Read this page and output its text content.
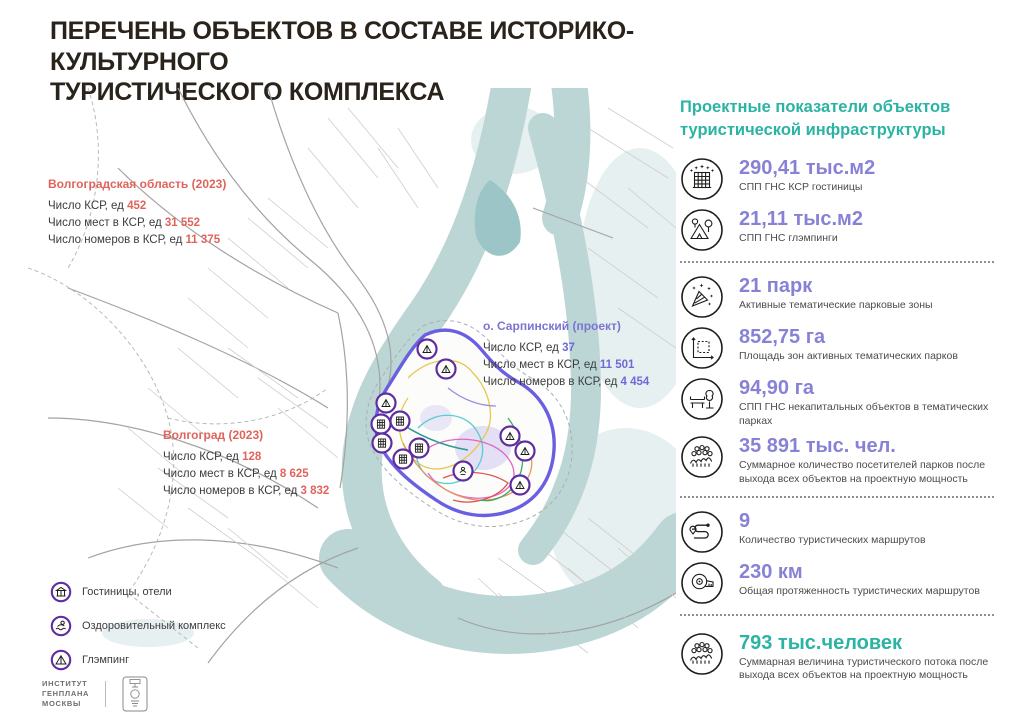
ПЕРЕЧЕНЬ ОБЪЕКТОВ В СОСТАВЕ ИСТОРИКО-КУЛЬТУРНОГО
ТУРИСТИЧЕСКОГО КОМПЛЕКСА
Волгоградская область (2023)
Число КСР, ед 452
Число мест в КСР, ед 31 552
Число номеров в КСР, ед 11 375
Волгоград (2023)
Число КСР, ед 128
Число мест в КСР, ед 8 625
Число номеров в КСР, ед 3 832
о. Сарпинский (проект)
Число КСР, ед 37
Число мест в КСР, ед 11 501
Число номеров в КСР, ед 4 454
Гостиницы, отели
Оздоровительный комплекс
Глэмпинг
Проектные показатели объектов туристической инфраструктуры
290,41 тыс.м2
СПП ГНС КСР гостиницы
21,11 тыс.м2
СПП ГНС глэмпинги
21 парк
Активные тематические парковые зоны
852,75 га
Площадь зон активных тематических парков
94,90 га
СПП ГНС некапитальных объектов в тематических парках
35 891 тыс. чел.
Суммарное количество посетителей парков после выхода всех объектов на проектную мощность
9
Количество туристических маршрутов
230 км
Общая протяженность туристических маршрутов
793 тыс.человек
Суммарная величина туристического потока после выхода всех объектов на проектную мощность
ИНСТИТУТ
ГЕНПЛАНА
МОСКВЫ
